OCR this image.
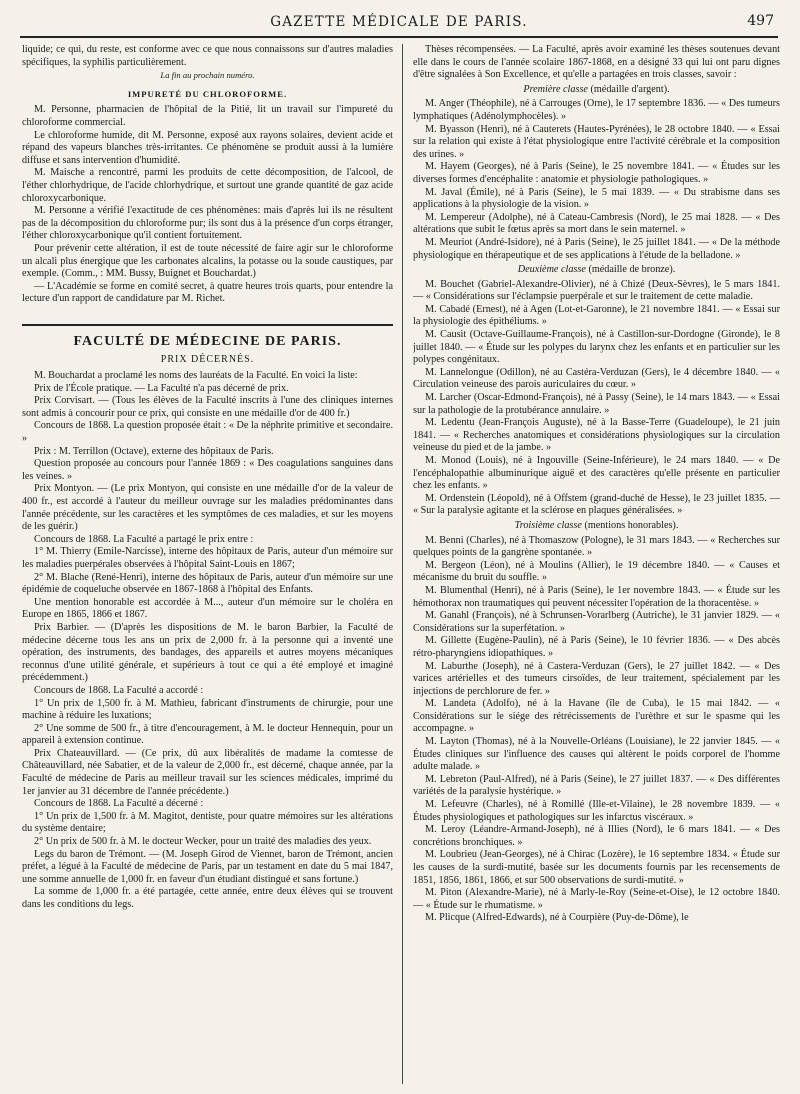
GAZETTE MÉDICALE DE PARIS.	497

liquide; ce qui, du reste, est conforme avec ce que nous connaissons sur d'autres maladies spécifiques, la syphilis particulièrement.

La fin au prochain numéro.

IMPURETÉ DU CHLOROFORME.

M. Personne, pharmacien de l'hôpital de la Pitié, lit un travail sur l'impureté du chloroforme commercial.

Le chloroforme humide, dit M. Personne, exposé aux rayons solaires, devient acide et répand des vapeurs blanches très-irritantes. Ce phénomène se produit aussi à la lumière diffuse et sans intervention d'humidité.

M. Maische a rencontré, parmi les produits de cette décomposition, de l'alcool, de l'éther chlorhydrique, de l'acide chlorhydrique, et surtout une grande quantité de gaz acide chloroxycarbonique.

M. Personne a vérifié l'exactitude de ces phénomènes: mais d'après lui ils ne résultent pas de la décomposition du chloroforme pur; ils sont dus à la présence d'un corps étranger, l'éther chloroxycarbonique qu'il contient fortuitement.

Pour prévenir cette altération, il est de toute nécessité de faire agir sur le chloroforme un alcali plus énergique que les carbonates alcalins, la potasse ou la soude caustiques, par exemple. (Comm., : MM. Bussy, Buignet et Bouchardat.)

— L'Académie se forme en comité secret, à quatre heures trois quarts, pour entendre la lecture d'un rapport de candidature par M. Richet.

FACULTÉ DE MÉDECINE DE PARIS.
PRIX DÉCERNÉS.

M. Bouchardat a proclamé les noms des lauréats de la Faculté. En voici la liste:

Prix de l'École pratique. — La Faculté n'a pas décerné de prix.

Prix Corvisart. — (Tous les élèves de la Faculté inscrits à l'une des cliniques internes sont admis à concourir pour ce prix, qui consiste en une médaille d'or de 400 fr.)

Concours de 1868. La question proposée était : « De la néphrite primitive et secondaire. »

Prix : M. Terrillon (Octave), externe des hôpitaux de Paris.

Question proposée au concours pour l'année 1869 : « Des coagulations sanguines dans les veines. »

Prix Montyon. — (Le prix Montyon, qui consiste en une médaille d'or de la valeur de 400 fr., est accordé à l'auteur du meilleur ouvrage sur les maladies prédominantes dans l'année précédente, sur les caractères et les symptômes de ces maladies, et sur les moyens de les guérir.)

Concours de 1868. La Faculté a partagé le prix entre :

1° M. Thierry (Emile-Narcisse), interne des hôpitaux de Paris, auteur d'un mémoire sur les maladies puerpérales observées à l'hôpital Saint-Louis en 1867;

2° M. Blache (René-Henri), interne des hôpitaux de Paris, auteur d'un mémoire sur une épidémie de coqueluche observée en 1867-1868 à l'hôpital des Enfants.

Une mention honorable est accordée à M..., auteur d'un mémoire sur le choléra en Europe en 1865, 1866 et 1867.

Prix Barbier. — (D'après les dispositions de M. le baron Barbier, la Faculté de médecine décerne tous les ans un prix de 2,000 fr. à la personne qui a inventé une opération, des instruments, des bandages, des appareils et autres moyens mécaniques reconnus d'une utilité générale, et supérieurs à tout ce qui a été employé et imaginé précédemment.)

Concours de 1868. La Faculté a accordé :

1° Un prix de 1,500 fr. à M. Mathieu, fabricant d'instruments de chirurgie, pour une machine à réduire les luxations;

2° Une somme de 500 fr., à titre d'encouragement, à M. le docteur Hennequin, pour un appareil à extension continue.

Prix Chateauvillard. — (Ce prix, dû aux libéralités de madame la comtesse de Châteauvillard, née Sabatier, et de la valeur de 2,000 fr., est décerné, chaque année, par la Faculté de médecine de Paris au meilleur travail sur les sciences médicales, imprimé du 1er janvier au 31 décembre de l'année précédente.)

Concours de 1868. La Faculté a décerné :

1° Un prix de 1,500 fr. à M. Magitot, dentiste, pour quatre mémoires sur les altérations du système dentaire;

2° Un prix de 500 fr. à M. le docteur Wecker, pour un traité des maladies des yeux.

Legs du baron de Trémont. — (M. Joseph Girod de Viennet, baron de Trémont, ancien préfet, a légué à la Faculté de médecine de Paris, par un testament en date du 5 mai 1847, une somme annuelle de 1,000 fr. en faveur d'un étudiant distingué et sans fortune.)

La somme de 1,000 fr. a été partagée, cette année, entre deux élèves qui se trouvent dans les conditions du legs.

Thèses récompensées. — La Faculté, après avoir examiné les thèses soutenues devant elle dans le cours de l'année scolaire 1867-1868, en a désigné 33 qui lui ont paru dignes d'être signalées à Son Excellence, et qu'elle a partagées en trois classes, savoir :

Première classe (médaille d'argent).

M. Anger (Théophile), né à Carrouges (Orne), le 17 septembre 1836. — « Des tumeurs lymphatiques (Adénolymphocèles). »

M. Byasson (Henri), né à Cauterets (Hautes-Pyrénées), le 28 octobre 1840. — « Essai sur la relation qui existe à l'état physiologique entre l'activité cérébrale et la composition des urines. »

M. Hayem (Georges), né à Paris (Seine), le 25 novembre 1841. — « Études sur les diverses formes d'encéphalite : anatomie et physiologie pathologiques. »

M. Javal (Émile), né à Paris (Seine), le 5 mai 1839. — « Du strabisme dans ses applications à la physiologie de la vision. »

M. Lempereur (Adolphe), né à Cateau-Cambresis (Nord), le 25 mai 1828. — « Des altérations que subit le fœtus après sa mort dans le sein maternel. »

M. Meuriot (André-Isidore), né à Paris (Seine), le 25 juillet 1841. — « De la méthode physiologique en thérapeutique et de ses applications à l'étude de la belladone. »

Deuxième classe (médaille de bronze).

M. Bouchet (Gabriel-Alexandre-Olivier), né à Chizé (Deux-Sèvres), le 5 mars 1841. — « Considérations sur l'éclampsie puerpérale et sur le traitement de cette maladie.

M. Cabadé (Ernest), né à Agen (Lot-et-Garonne), le 21 novembre 1841. — « Essai sur la physiologie des épithéliums. »

M. Causit (Octave-Guillaume-François), né à Castillon-sur-Dordogne (Gironde), le 8 juillet 1840. — « Étude sur les polypes du larynx chez les enfants et en particulier sur les polypes congénitaux.

M. Lannelongue (Odillon), né au Castéra-Verduzan (Gers), le 4 décembre 1840. — « Circulation veineuse des parois auriculaires du cœur. »

M. Larcher (Oscar-Edmond-François), né à Passy (Seine), le 14 mars 1843. — « Essai sur la pathologie de la protubérance annulaire. »

M. Ledentu (Jean-François Auguste), né à la Basse-Terre (Guadeloupe), le 21 juin 1841. — « Recherches anatomiques et considérations physiologiques sur la circulation veineuse du pied et de la jambe. »

M. Monod (Louis), né à Ingouville (Seine-Inférieure), le 24 mars 1840. — « De l'encéphalopathie albuminurique aiguë et des caractères qu'elle présente en particulier chez les enfants. »

M. Ordenstein (Léopold), né à Offstem (grand-duché de Hesse), le 23 juillet 1835. — « Sur la paralysie agitante et la sclérose en plaques généralisées. »

Troisième classe (mentions honorables).

M. Benni (Charles), né à Thomaszow (Pologne), le 31 mars 1843. — « Recherches sur quelques points de la gangrène spontanée. »

M. Bergeon (Léon), né à Moulins (Allier), le 19 décembre 1840. — « Causes et mécanisme du bruit du souffle. »

M. Blumenthal (Henri), né à Paris (Seine), le 1er novembre 1843. — « Étude sur les hémothorax non traumatiques qui peuvent nécessiter l'opération de la thoracentèse. »

M. Ganahl (François), né à Schrunsen-Vorarlberg (Autriche), le 31 janvier 1829. — « Considérations sur la superfétation. »

M. Gillette (Eugène-Paulin), né à Paris (Seine), le 10 février 1836. — « Des abcès rétro-pharyngiens idiopathiques. »

M. Laburthe (Joseph), né à Castera-Verduzan (Gers), le 27 juillet 1842. — « Des varices artérielles et des tumeurs cirsoïdes, de leur traitement, spécialement par les injections de perchlorure de fer. »

M. Landeta (Adolfo), né à la Havane (île de Cuba), le 15 mai 1842. — « Considérations sur le siége des rétrécissements de l'urèthre et sur le spasme qui les accompagne. »

M. Layton (Thomas), né à la Nouvelle-Orléans (Louisiane), le 22 janvier 1845. — « Études cliniques sur l'influence des causes qui altèrent le poids corporel de l'homme adulte malade. »

M. Lebreton (Paul-Alfred), né à Paris (Seine), le 27 juillet 1837. — « Des différentes variétés de la paralysie hystérique. »

M. Lefeuvre (Charles), né à Romillé (Ille-et-Vilaine), le 28 novembre 1839. — « Études physiologiques et pathologiques sur les infarctus viscéraux. »

M. Leroy (Léandre-Armand-Joseph), né à Illies (Nord), le 6 mars 1841. — « Des concrétions bronchiques. »

M. Loubrieu (Jean-Georges), né à Chirac (Lozère), le 16 septembre 1834. « Étude sur les causes de la surdi-mutité, basée sur les documents fournis par les recensements de 1851, 1856, 1861, 1866, et sur 500 observations de surdi-mutité. »

M. Piton (Alexandre-Marie), né à Marly-le-Roy (Seine-et-Oise), le 12 octobre 1840. — « Étude sur le rhumatisme. »

M. Plicque (Alfred-Edwards), né à Courpière (Puy-de-Dôme), le
